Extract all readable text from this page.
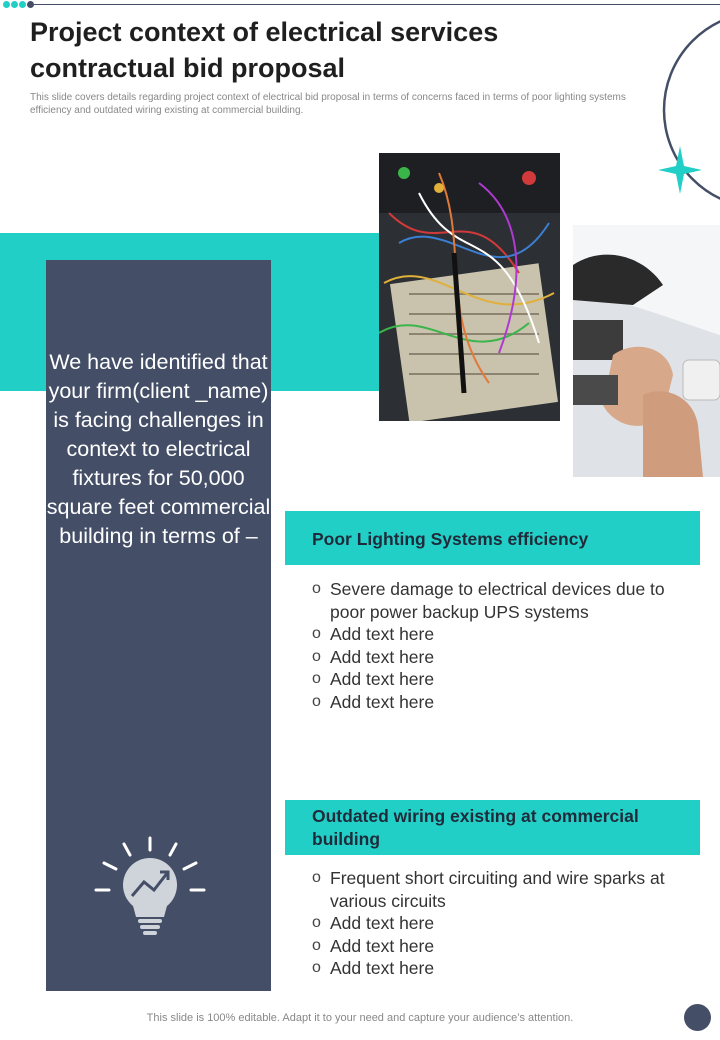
Project context of electrical services contractual bid proposal

This slide covers details regarding project context of electrical bid proposal in terms of concerns faced in terms of poor lighting systems efficiency and outdated wiring existing at commercial building.

We have identified that your firm(client _name) is facing challenges in context to electrical fixtures for 50,000 square feet commercial building in terms of –	Poor Lighting Systems efficiency
o Severe damage to electrical devices due to poor power backup UPS systems
o Add text here
o Add text here
o Add text here
o Add text here
Outdated wiring existing at commercial building
o Frequent short circuiting and wire sparks at various circuits
o Add text here
o Add text here
o Add text here
This slide is 100% editable. Adapt it to your need and capture your audience’s attention.
